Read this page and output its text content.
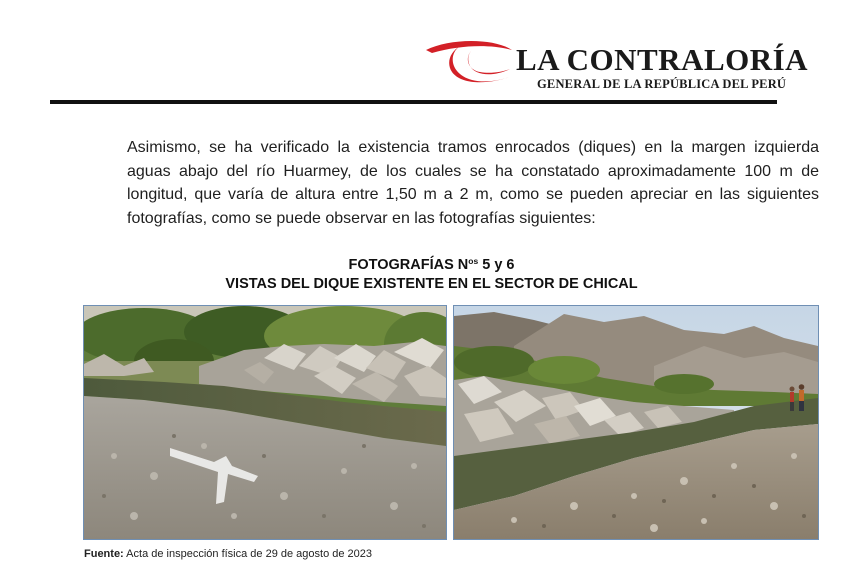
LA CONTRALORÍA
GENERAL DE LA REPÚBLICA DEL PERÚ

Asimismo, se ha verificado la existencia tramos enrocados (diques) en la margen izquierda aguas abajo del río Huarmey, de los cuales se ha constatado aproximadamente 100 m de longitud, que varía de altura entre 1,50 m a 2 m, como se pueden apreciar en las siguientes fotografías, como se puede observar en las fotografías siguientes:

FOTOGRAFÍAS $N^{os}$ 5 y 6
VISTAS DEL DIQUE EXISTENTE EN EL SECTOR DE CHICAL
Fuente: Acta de inspección física de 29 de agosto de 2023
